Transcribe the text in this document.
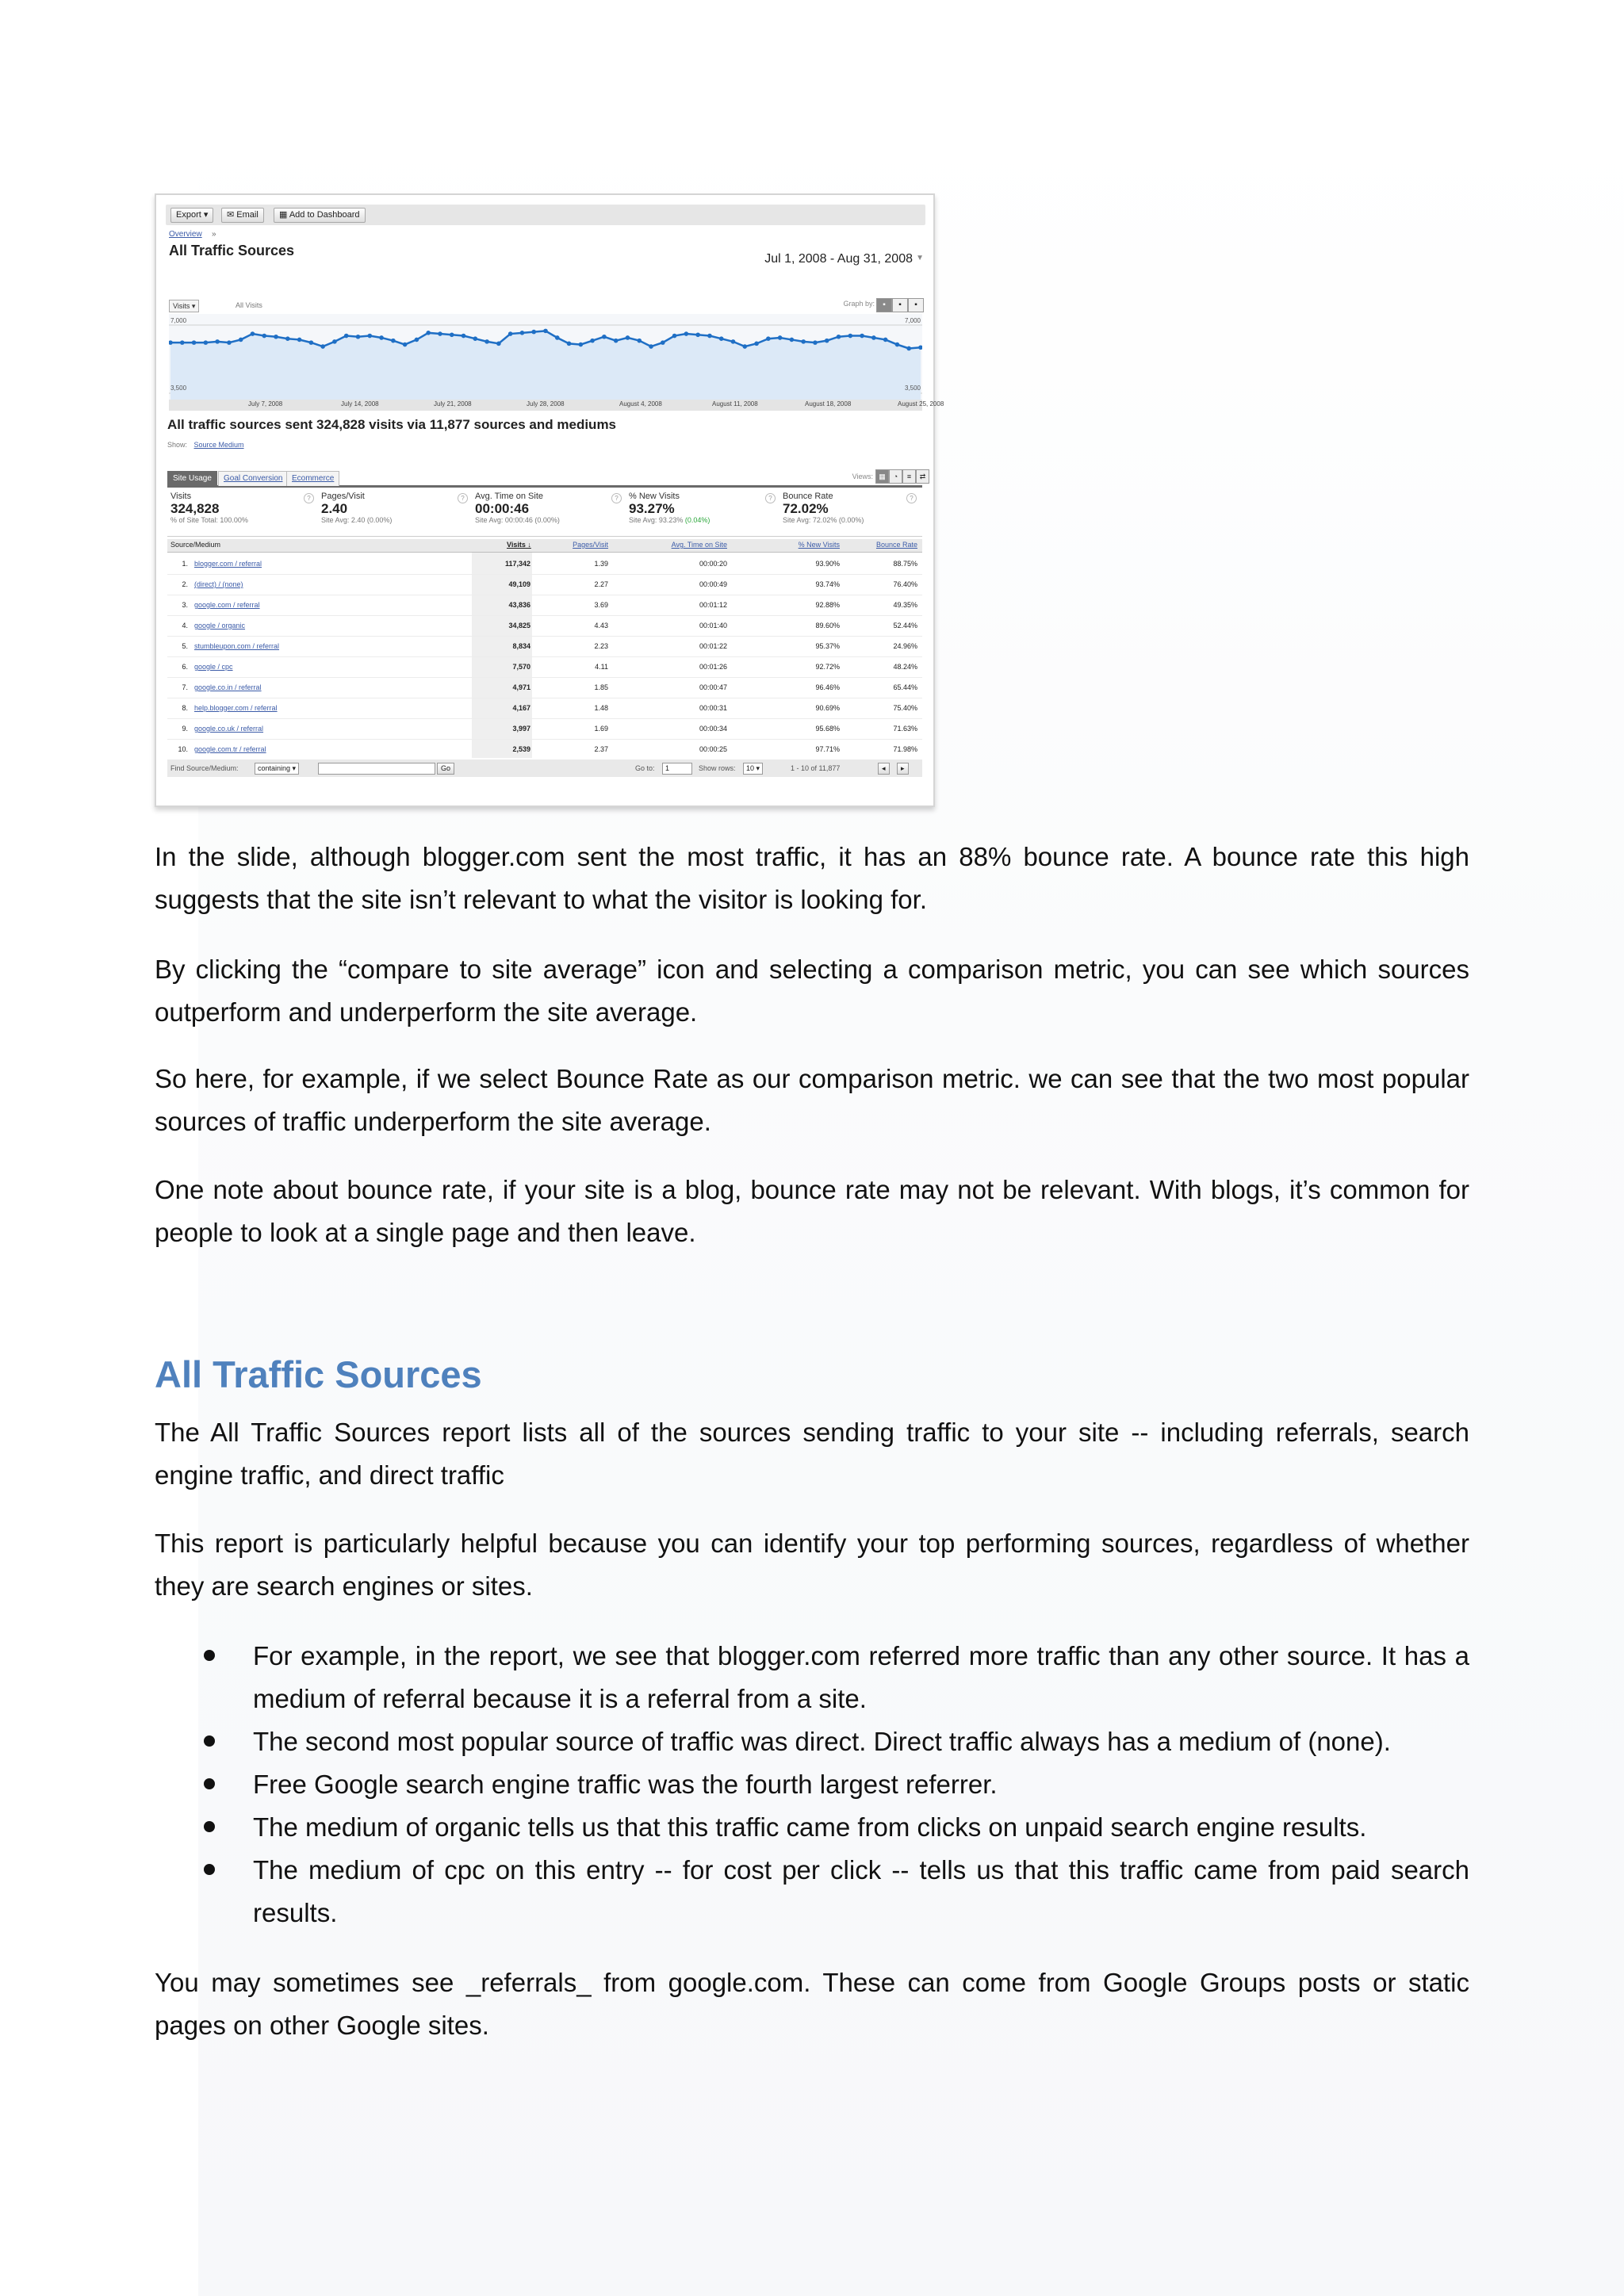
Export ▾	✉ Email	▦ Add to Dashboard
Overview »
All Traffic Sources
Jul 1, 2008 - Aug 31, 2008 ▼
Visits ▾	All Visits	Graph by:	▪	▪	▪
7,000	7,000
3,500	3,500
July 7, 2008	July 14, 2008	July 21, 2008	July 28, 2008	August 4, 2008	August 11, 2008	August 18, 2008	August 25, 2008
All traffic sources sent 324,828 visits via 11,877 sources and mediums
Show: Source Medium
Site Usage	Goal Conversion	Ecommerce	Views: ▦	◔	≡	⇄
Visits
324,828
% of Site Total: 100.00%
?	Pages/Visit
2.40
Site Avg: 2.40 (0.00%)
?	Avg. Time on Site
00:00:46
Site Avg: 00:00:46 (0.00%)
?	% New Visits
93.27%
Site Avg: 93.23% (0.04%)
?	Bounce Rate
72.02%
Site Avg: 72.02% (0.00%)
?
Source/Medium	Visits ↓	Pages/Visit	Avg. Time on Site	% New Visits	Bounce Rate
1. blogger.com / referral	117,342	1.39	00:00:20	93.90%	88.75%
2. (direct) / (none)	49,109	2.27	00:00:49	93.74%	76.40%
3. google.com / referral	43,836	3.69	00:01:12	92.88%	49.35%
4. google / organic	34,825	4.43	00:01:40	89.60%	52.44%
5. stumbleupon.com / referral	8,834	2.23	00:01:22	95.37%	24.96%
6. google / cpc	7,570	4.11	00:01:26	92.72%	48.24%
7. google.co.in / referral	4,971	1.85	00:00:47	96.46%	65.44%
8. help.blogger.com / referral	4,167	1.48	00:00:31	90.69%	75.40%
9. google.co.uk / referral	3,997	1.69	00:00:34	95.68%	71.63%
10. google.com.tr / referral	2,539	2.37	00:00:25	97.71%	71.98%
Find Source/Medium:	containing ▾	Go	Go to:	1	Show rows:	10 ▾	1 - 10 of 11,877	◂	▸

In the slide, although blogger.com sent the most traffic, it has an 88% bounce rate. A bounce rate this high suggests that the site isn’t relevant to what the visitor is looking for.

By clicking the “compare to site average” icon and selecting a comparison metric, you can see which sources outperform and underperform the site average.

So here, for example, if we select Bounce Rate as our comparison metric. we can see that the two most popular sources of traffic underperform the site average.

One note about bounce rate, if your site is a blog, bounce rate may not be relevant. With blogs, it’s common for people to look at a single page and then leave.

All Traffic Sources

The All Traffic Sources report lists all of the sources sending traffic to your site -- including referrals, search engine traffic, and direct traffic

This report is particularly helpful because you can identify your top performing sources, regardless of whether they are search engines or sites.

For example, in the report, we see that blogger.com referred more traffic than any other source. It has a medium of referral because it is a referral from a site.
The second most popular source of traffic was direct. Direct traffic always has a medium of (none).
Free Google search engine traffic was the fourth largest referrer.
The medium of organic tells us that this traffic came from clicks on unpaid search engine results.
The medium of cpc on this entry -- for cost per click -- tells us that this traffic came from paid search results.

You may sometimes see _referrals_ from google.com. These can come from Google Groups posts or static pages on other Google sites.
